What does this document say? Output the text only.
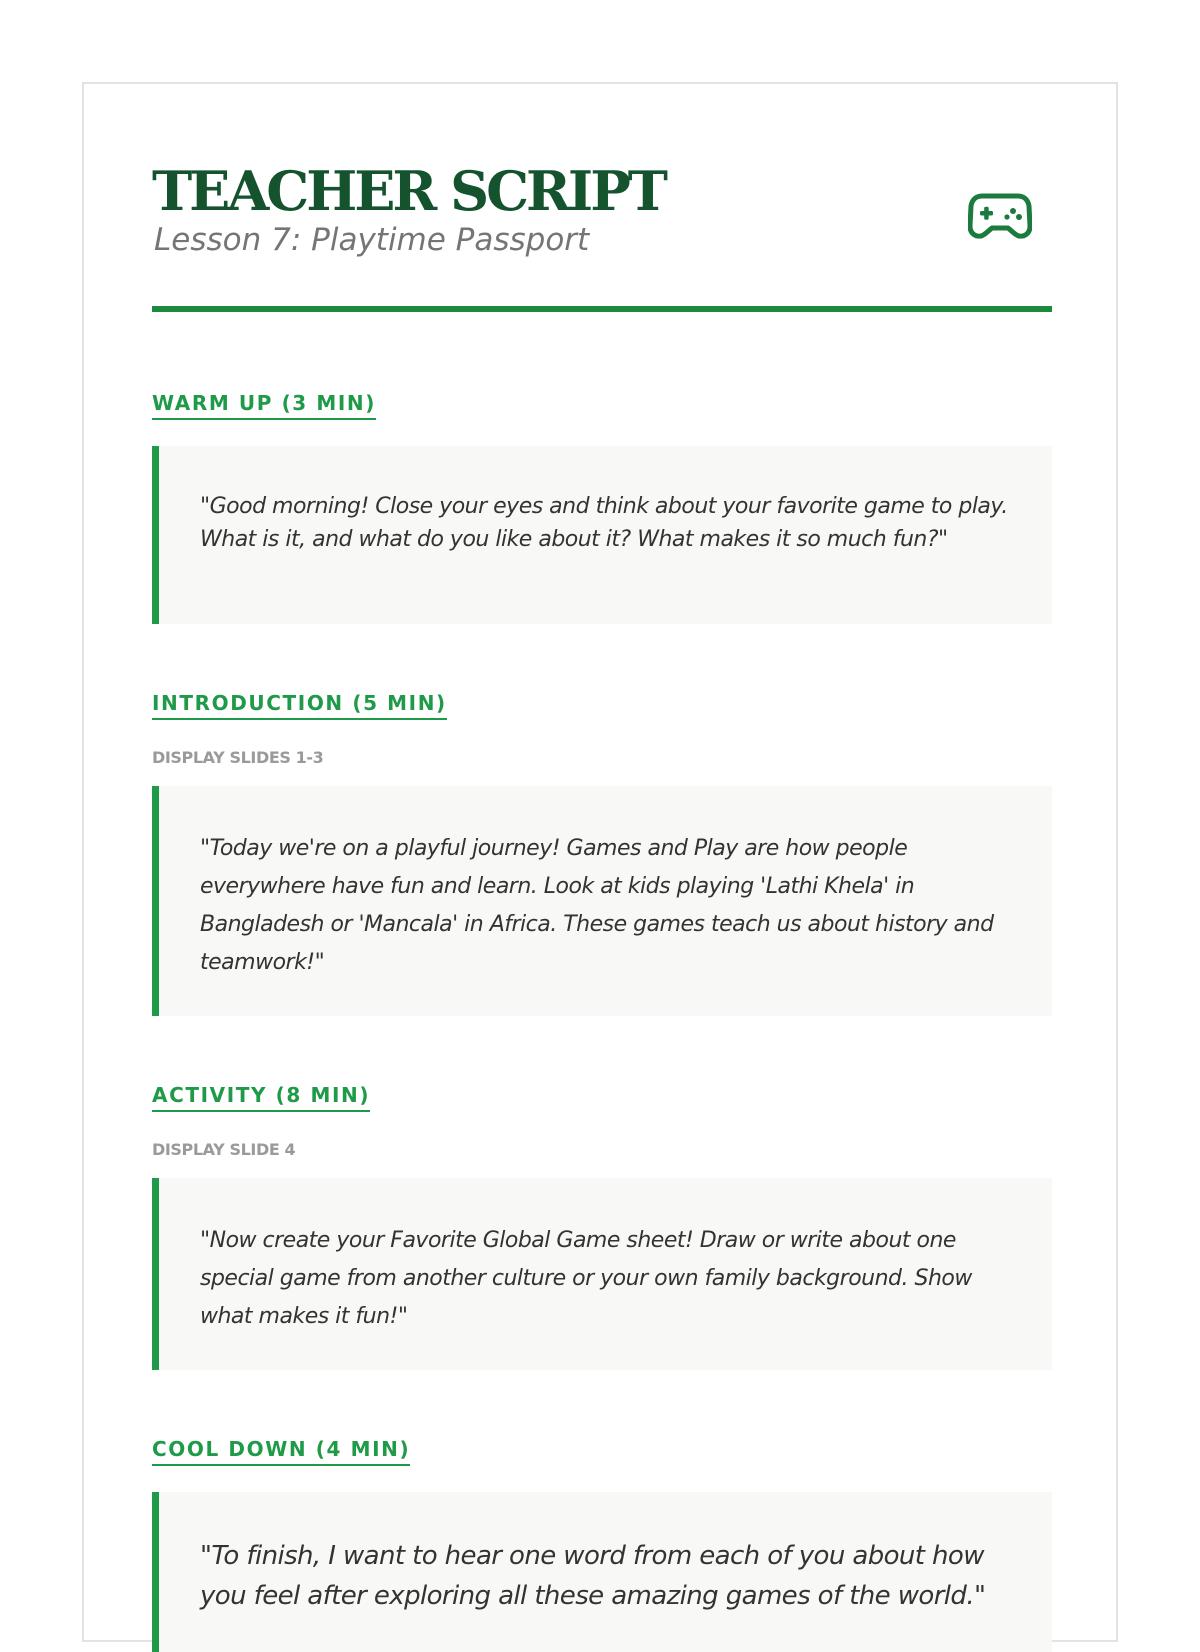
TEACHER SCRIPT

Lesson 7: Playtime Passport

WARM UP (3 MIN)

"Good morning! Close your eyes and think about your favorite game to play. What is it, and what do you like about it? What makes it so much fun?"

INTRODUCTION (5 MIN)

DISPLAY SLIDES 1-3

"Today we're on a playful journey! Games and Play are how people everywhere have fun and learn. Look at kids playing 'Lathi Khela' in Bangladesh or 'Mancala' in Africa. These games teach us about history and teamwork!"

ACTIVITY (8 MIN)

DISPLAY SLIDE 4

"Now create your Favorite Global Game sheet! Draw or write about one special game from another culture or your own family background. Show what makes it fun!"

COOL DOWN (4 MIN)

"To finish, I want to hear one word from each of you about how you feel after exploring all these amazing games of the world."
